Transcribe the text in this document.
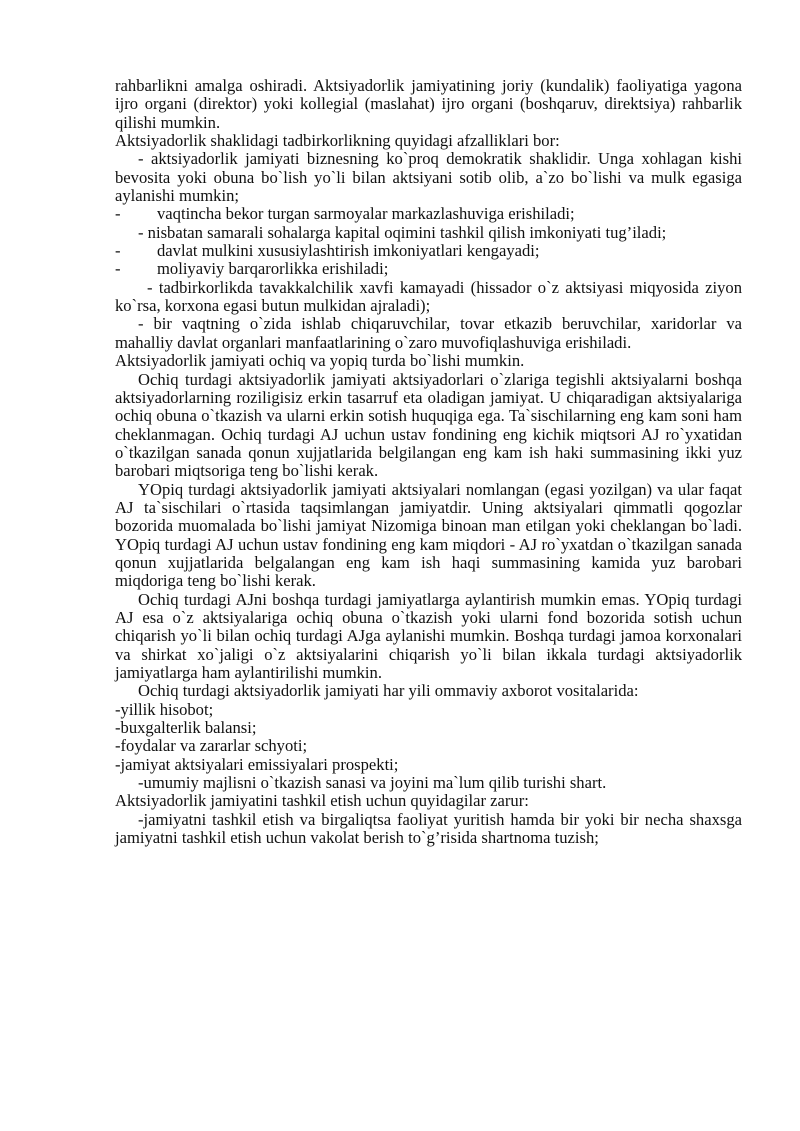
rahbarlikni amalga oshiradi. Aktsiyadorlik jamiyatining joriy (kundalik) faoliyatiga yagona ijro organi (direktor) yoki kollegial (maslahat) ijro organi (boshqaruv, direktsiya) rahbarlik qilishi mumkin.

Aktsiyadorlik shaklidagi tadbirkorlikning quyidagi afzalliklari bor:

- aktsiyadorlik jamiyati biznesning ko`proq demokratik shaklidir. Unga xohlagan kishi bevosita yoki obuna bo`lish yo`li bilan aktsiyani sotib olib, a`zo bo`lishi va mulk egasiga aylanishi mumkin;

-	vaqtincha bekor turgan sarmoyalar markazlashuviga erishiladi;

- nisbatan samarali sohalarga kapital oqimini tashkil qilish imkoniyati tug’iladi;

-	davlat mulkini xususiylashtirish imkoniyatlari kengayadi;
-	moliyaviy barqarorlikka erishiladi;

- tadbirkorlikda tavakkalchilik xavfi kamayadi (hissador o`z aktsiyasi miqyosida ziyon ko`rsa, korxona egasi butun mulkidan ajraladi);

- bir vaqtning o`zida ishlab chiqaruvchilar, tovar etkazib beruvchilar, xaridorlar va mahalliy davlat organlari manfaatlarining o`zaro muvofiqlashuviga erishiladi.

Aktsiyadorlik jamiyati ochiq va yopiq turda bo`lishi mumkin.

Ochiq turdagi aktsiyadorlik jamiyati aktsiyadorlari o`zlariga tegishli aktsiyalarni boshqa aktsiyadorlarning roziligisiz erkin tasarruf eta oladigan jamiyat. U chiqaradigan aktsiyalariga ochiq obuna o`tkazish va ularni erkin sotish huquqiga ega. Ta`sischilarning eng kam soni ham cheklanmagan. Ochiq turdagi AJ uchun ustav fondining eng kichik miqtsori AJ ro`yxatidan o`tkazilgan sanada qonun xujjatlarida belgilangan eng kam ish haki summasining ikki yuz barobari miqtsoriga teng bo`lishi kerak.

YOpiq turdagi aktsiyadorlik jamiyati aktsiyalari nomlangan (egasi yozilgan) va ular faqat AJ ta`sischilari o`rtasida taqsimlangan jamiyatdir. Uning aktsiyalari qimmatli qogozlar bozorida muomalada bo`lishi jamiyat Nizomiga binoan man etilgan yoki cheklangan bo`ladi. YOpiq turdagi AJ uchun ustav fondining eng kam miqdori - AJ ro`yxatdan o`tkazilgan sanada qonun xujjatlarida belgalangan eng kam ish haqi summasining kamida yuz barobari miqdoriga teng bo`lishi kerak.

Ochiq turdagi AJni boshqa turdagi jamiyatlarga aylantirish mumkin emas. YOpiq turdagi AJ esa o`z aktsiyalariga ochiq obuna o`tkazish yoki ularni fond bozorida sotish uchun chiqarish yo`li bilan ochiq turdagi AJga aylanishi mumkin. Boshqa turdagi jamoa korxonalari va shirkat xo`jaligi o`z aktsiyalarini chiqarish yo`li bilan ikkala turdagi aktsiyadorlik jamiyatlarga ham aylantirilishi mumkin.

Ochiq turdagi aktsiyadorlik jamiyati har yili ommaviy axborot vositalarida:

-yillik hisobot;

-buxgalterlik balansi;

-foydalar va zararlar schyoti;

-jamiyat aktsiyalari emissiyalari prospekti;

-umumiy majlisni o`tkazish sanasi va joyini ma`lum qilib turishi shart.

Aktsiyadorlik jamiyatini tashkil etish uchun quyidagilar zarur:

-jamiyatni tashkil etish va birgaliqtsa faoliyat yuritish hamda bir yoki bir necha shaxsga jamiyatni tashkil etish uchun vakolat berish to`g’risida shartnoma tuzish;
